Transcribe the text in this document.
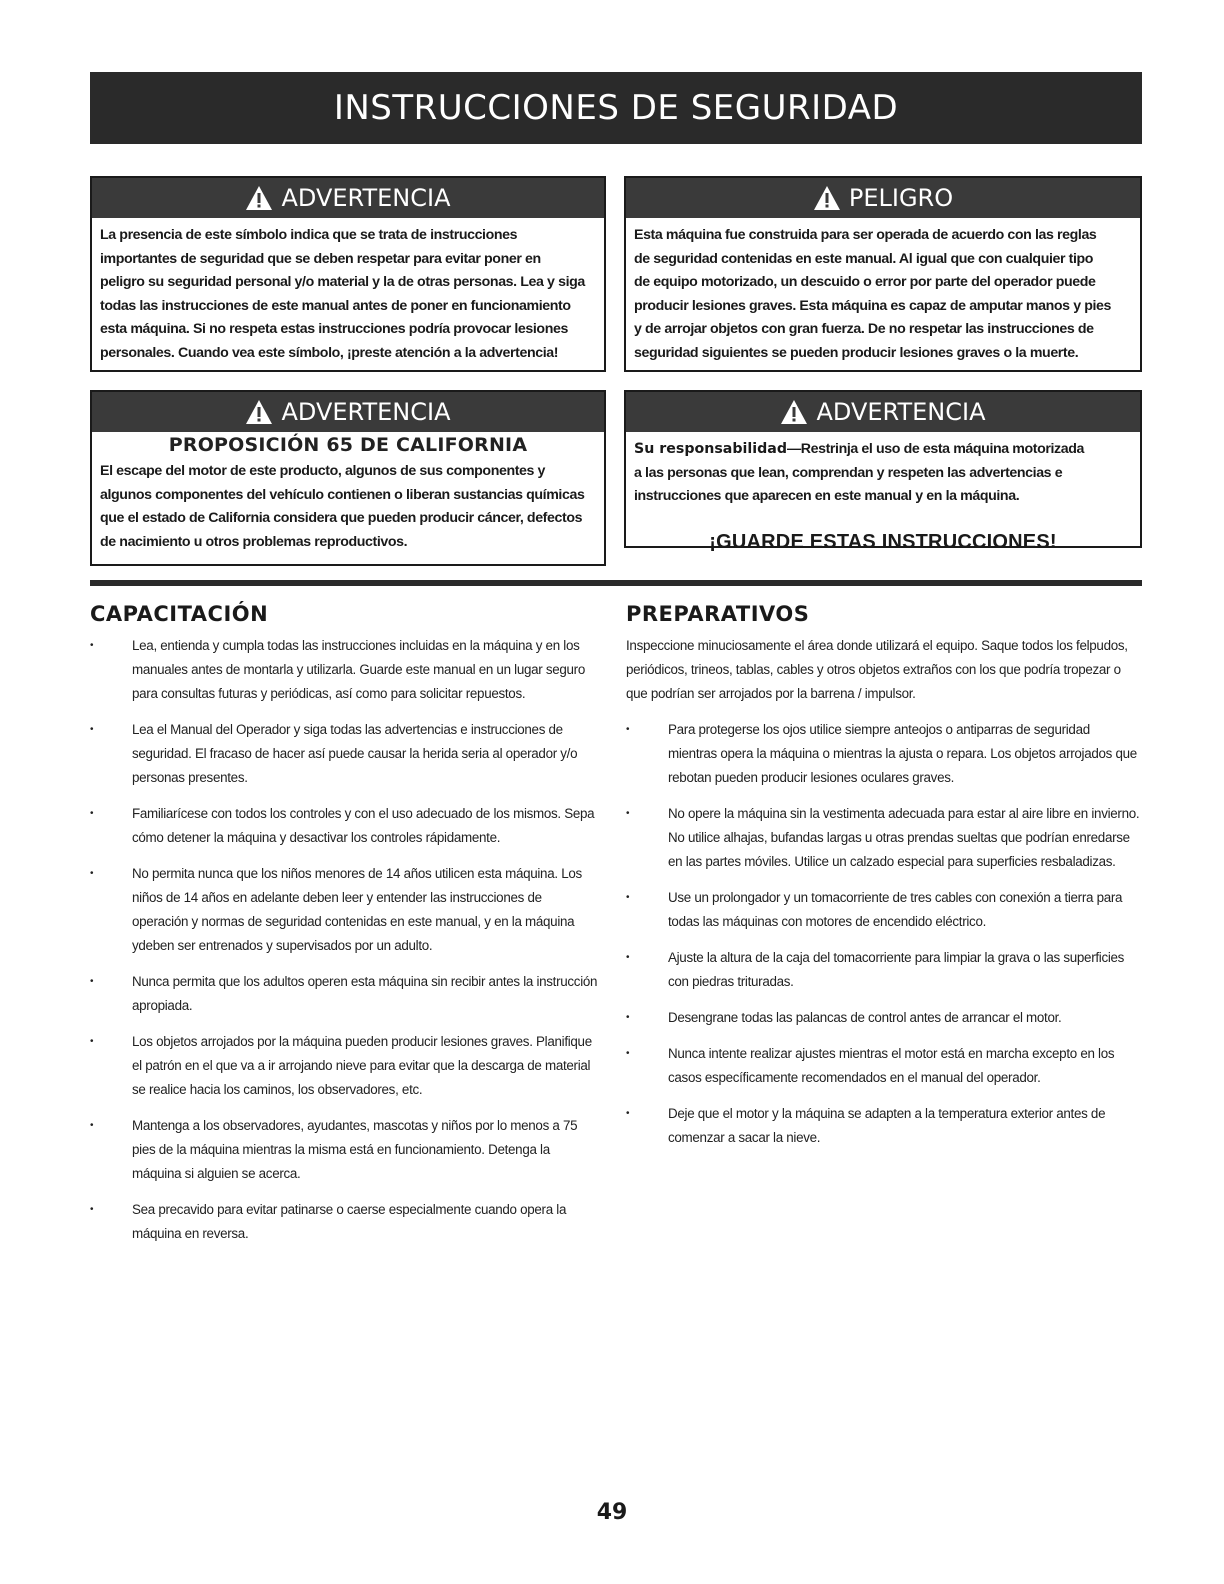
INSTRUCCIONES DE SEGURIDAD
ADVERTENCIA
La presencia de este símbolo indica que se trata de instrucciones
importantes de seguridad que se deben respetar para evitar poner en
peligro su seguridad personal y/o material y la de otras personas. Lea y siga
todas las instrucciones de este manual antes de poner en funcionamiento
esta máquina. Si no respeta estas instrucciones podría provocar lesiones
personales. Cuando vea este símbolo, ¡preste atención a la advertencia!
PELIGRO
Esta máquina fue construida para ser operada de acuerdo con las reglas
de seguridad contenidas en este manual. Al igual que con cualquier tipo
de equipo motorizado, un descuido o error por parte del operador puede
producir lesiones graves. Esta máquina es capaz de amputar manos y pies
y de arrojar objetos con gran fuerza. De no respetar las instrucciones de
seguridad siguientes se pueden producir lesiones graves o la muerte.
ADVERTENCIA
PROPOSICIÓN 65 DE CALIFORNIA
El escape del motor de este producto, algunos de sus componentes y
algunos componentes del vehículo contienen o liberan sustancias químicas
que el estado de California considera que pueden producir cáncer, defectos
de nacimiento u otros problemas reproductivos.
ADVERTENCIA
Su responsabilidad—Restrinja el uso de esta máquina motorizada
a las personas que lean, comprendan y respeten las advertencias e
instrucciones que aparecen en este manual y en la máquina.
¡GUARDE ESTAS INSTRUCCIONES!
CAPACITACIÓN
• Lea, entienda y cumpla todas las instrucciones incluidas en la máquina y en los manuales antes de montarla y utilizarla. Guarde este manual en un lugar seguro para consultas futuras y periódicas, así como para solicitar repuestos.
• Lea el Manual del Operador y siga todas las advertencias e instrucciones de seguridad. El fracaso de hacer así puede causar la herida seria al operador y/o personas presentes.
• Familiarícese con todos los controles y con el uso adecuado de los mismos. Sepa cómo detener la máquina y desactivar los controles rápidamente.
• No permita nunca que los niños menores de 14 años utilicen esta máquina. Los niños de 14 años en adelante deben leer y entender las instrucciones de operación y normas de seguridad contenidas en este manual, y en la máquina ydeben ser entrenados y supervisados por un adulto.
• Nunca permita que los adultos operen esta máquina sin recibir antes la instrucción apropiada.
• Los objetos arrojados por la máquina pueden producir lesiones graves. Planifique el patrón en el que va a ir arrojando nieve para evitar que la descarga de material se realice hacia los caminos, los observadores, etc.
• Mantenga a los observadores, ayudantes, mascotas y niños por lo menos a 75 pies de la máquina mientras la misma está en funcionamiento. Detenga la máquina si alguien se acerca.
• Sea precavido para evitar patinarse o caerse especialmente cuando opera la máquina en reversa.
PREPARATIVOS

Inspeccione minuciosamente el área donde utilizará el equipo. Saque todos los felpudos, periódicos, trineos, tablas, cables y otros objetos extraños con los que podría tropezar o que podrían ser arrojados por la barrena / impulsor.

• Para protegerse los ojos utilice siempre anteojos o antiparras de seguridad mientras opera la máquina o mientras la ajusta o repara. Los objetos arrojados que rebotan pueden producir lesiones oculares graves.
• No opere la máquina sin la vestimenta adecuada para estar al aire libre en invierno. No utilice alhajas, bufandas largas u otras prendas sueltas que podrían enredarse en las partes móviles. Utilice un calzado especial para superficies resbaladizas.
• Use un prolongador y un tomacorriente de tres cables con conexión a tierra para todas las máquinas con motores de encendido eléctrico.
• Ajuste la altura de la caja del tomacorriente para limpiar la grava o las superficies con piedras trituradas.
• Desengrane todas las palancas de control antes de arrancar el motor.
• Nunca intente realizar ajustes mientras el motor está en marcha excepto en los casos específicamente recomendados en el manual del operador.
• Deje que el motor y la máquina se adapten a la temperatura exterior antes de comenzar a sacar la nieve.
49
